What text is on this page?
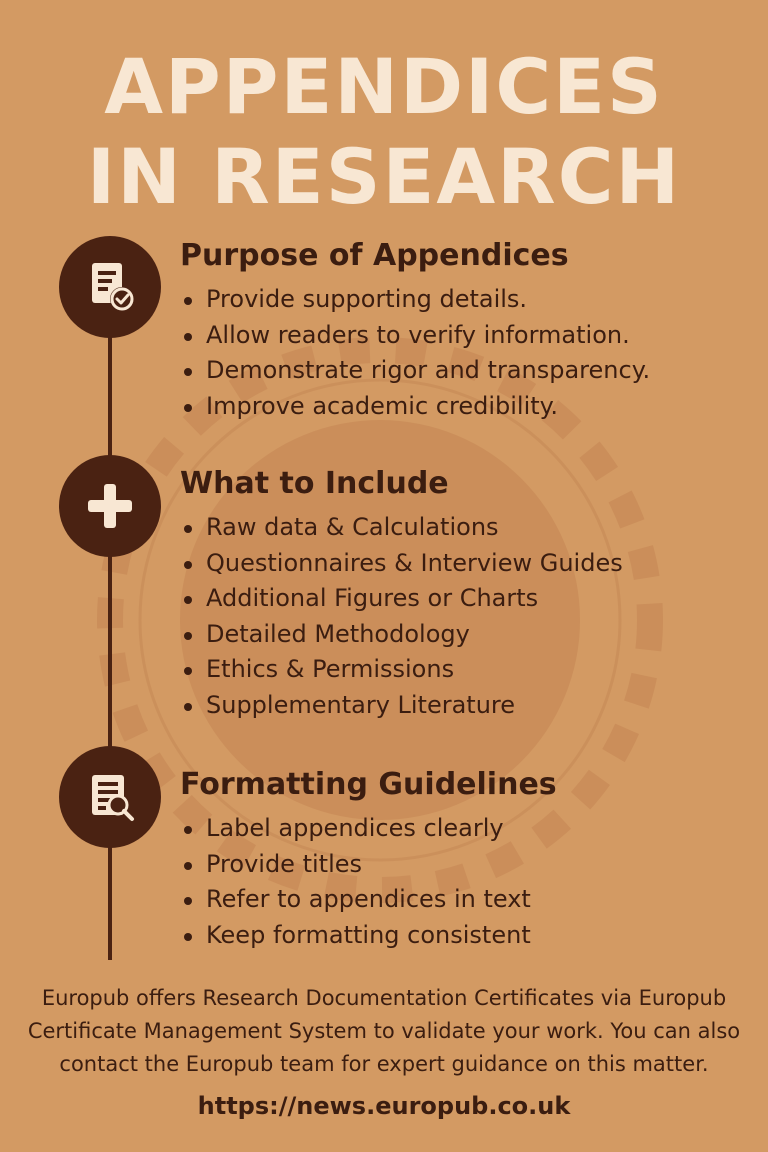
APPENDICES
IN RESEARCH
Purpose of Appendices
Provide supporting details.
Allow readers to verify information.
Demonstrate rigor and transparency.
Improve academic credibility.
What to Include
Raw data & Calculations
Questionnaires & Interview Guides
Additional Figures or Charts
Detailed Methodology
Ethics & Permissions
Supplementary Literature
Formatting Guidelines
Label appendices clearly
Provide titles
Refer to appendices in text
Keep formatting consistent

Europub offers Research Documentation Certificates via Europub Certificate Management System to validate your work. You can also contact the Europub team for expert guidance on this matter.

https://news.europub.co.uk
